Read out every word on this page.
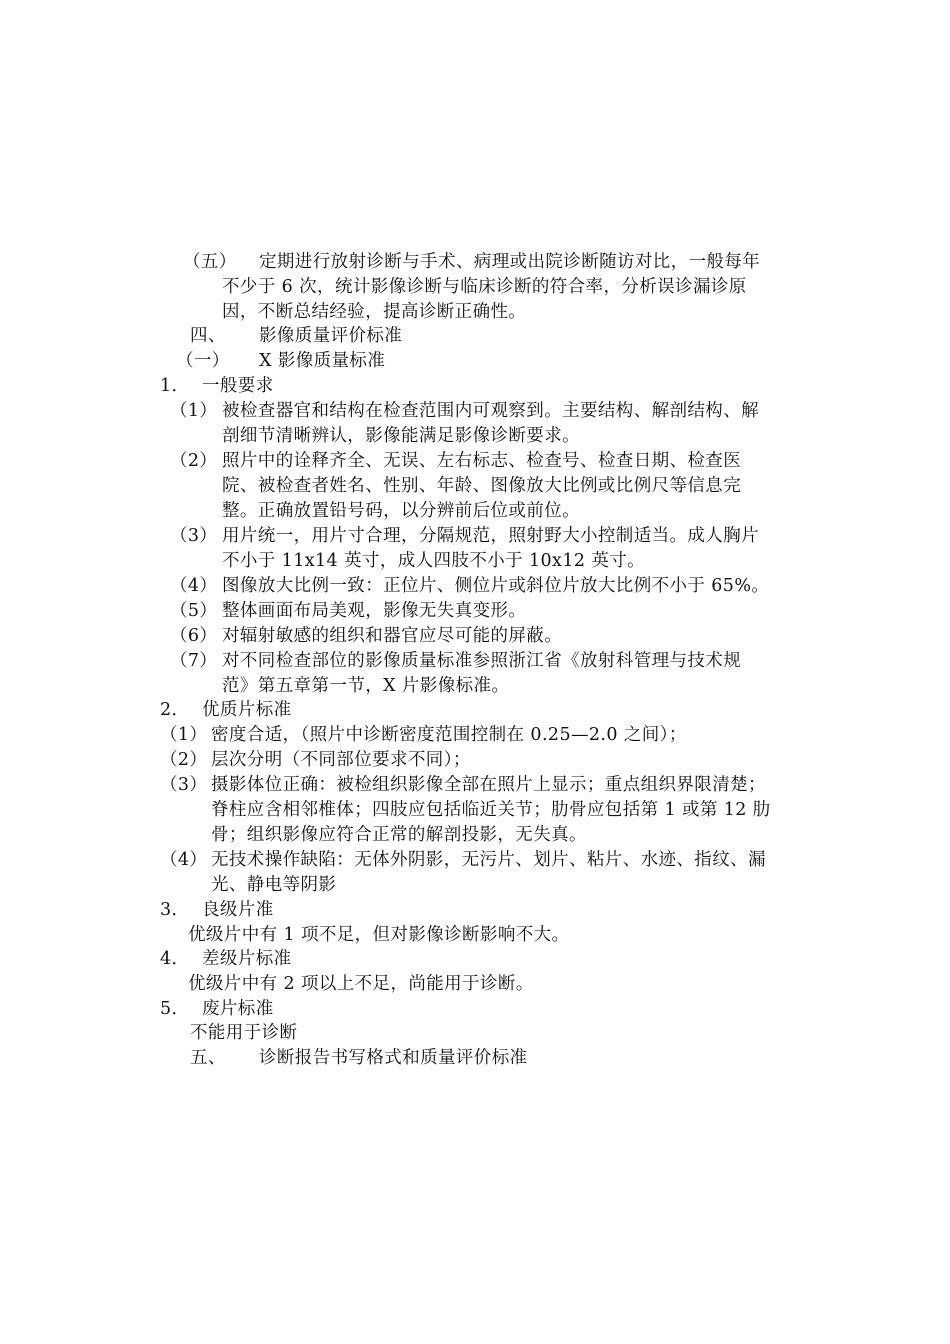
（五） 定期进行放射诊断与手术、病理或出院诊断随访对比，一般每年
不少于 6 次，统计影像诊断与临床诊断的符合率，分析误诊漏诊原
因，不断总结经验，提高诊断正确性。
四、 影像质量评价标准
（一） X 影像质量标准
1． 一般要求
（1） 被检查器官和结构在检查范围内可观察到。主要结构、解剖结构、解
剖细节清晰辨认，影像能满足影像诊断要求。
（2） 照片中的诠释齐全、无误、左右标志、检查号、检查日期、检查医
院、被检查者姓名、性别、年龄、图像放大比例或比例尺等信息完
整。正确放置铅号码，以分辨前后位或前位。
（3） 用片统一，用片寸合理，分隔规范，照射野大小控制适当。成人胸片
不小于 11x14 英寸，成人四肢不小于 10x12 英寸。
（4） 图像放大比例一致：正位片、侧位片或斜位片放大比例不小于 65%。
（5） 整体画面布局美观，影像无失真变形。
（6） 对辐射敏感的组织和器官应尽可能的屏蔽。
（7） 对不同检查部位的影像质量标准参照浙江省《放射科管理与技术规
范》第五章第一节，X 片影像标准。
2． 优质片标准
（1） 密度合适，（照片中诊断密度范围控制在 0.25—2.0 之间）；
（2） 层次分明（不同部位要求不同）；
（3） 摄影体位正确：被检组织影像全部在照片上显示；重点组织界限清楚；
脊柱应含相邻椎体；四肢应包括临近关节；肋骨应包括第 1 或第 12 肋
骨；组织影像应符合正常的解剖投影，无失真。
（4） 无技术操作缺陷：无体外阴影，无污片、划片、粘片、水迹、指纹、漏
光、静电等阴影
3． 良级片准
优级片中有 1 项不足，但对影像诊断影响不大。
4． 差级片标准
优级片中有 2 项以上不足，尚能用于诊断。
5． 废片标准
不能用于诊断
五、 诊断报告书写格式和质量评价标准
